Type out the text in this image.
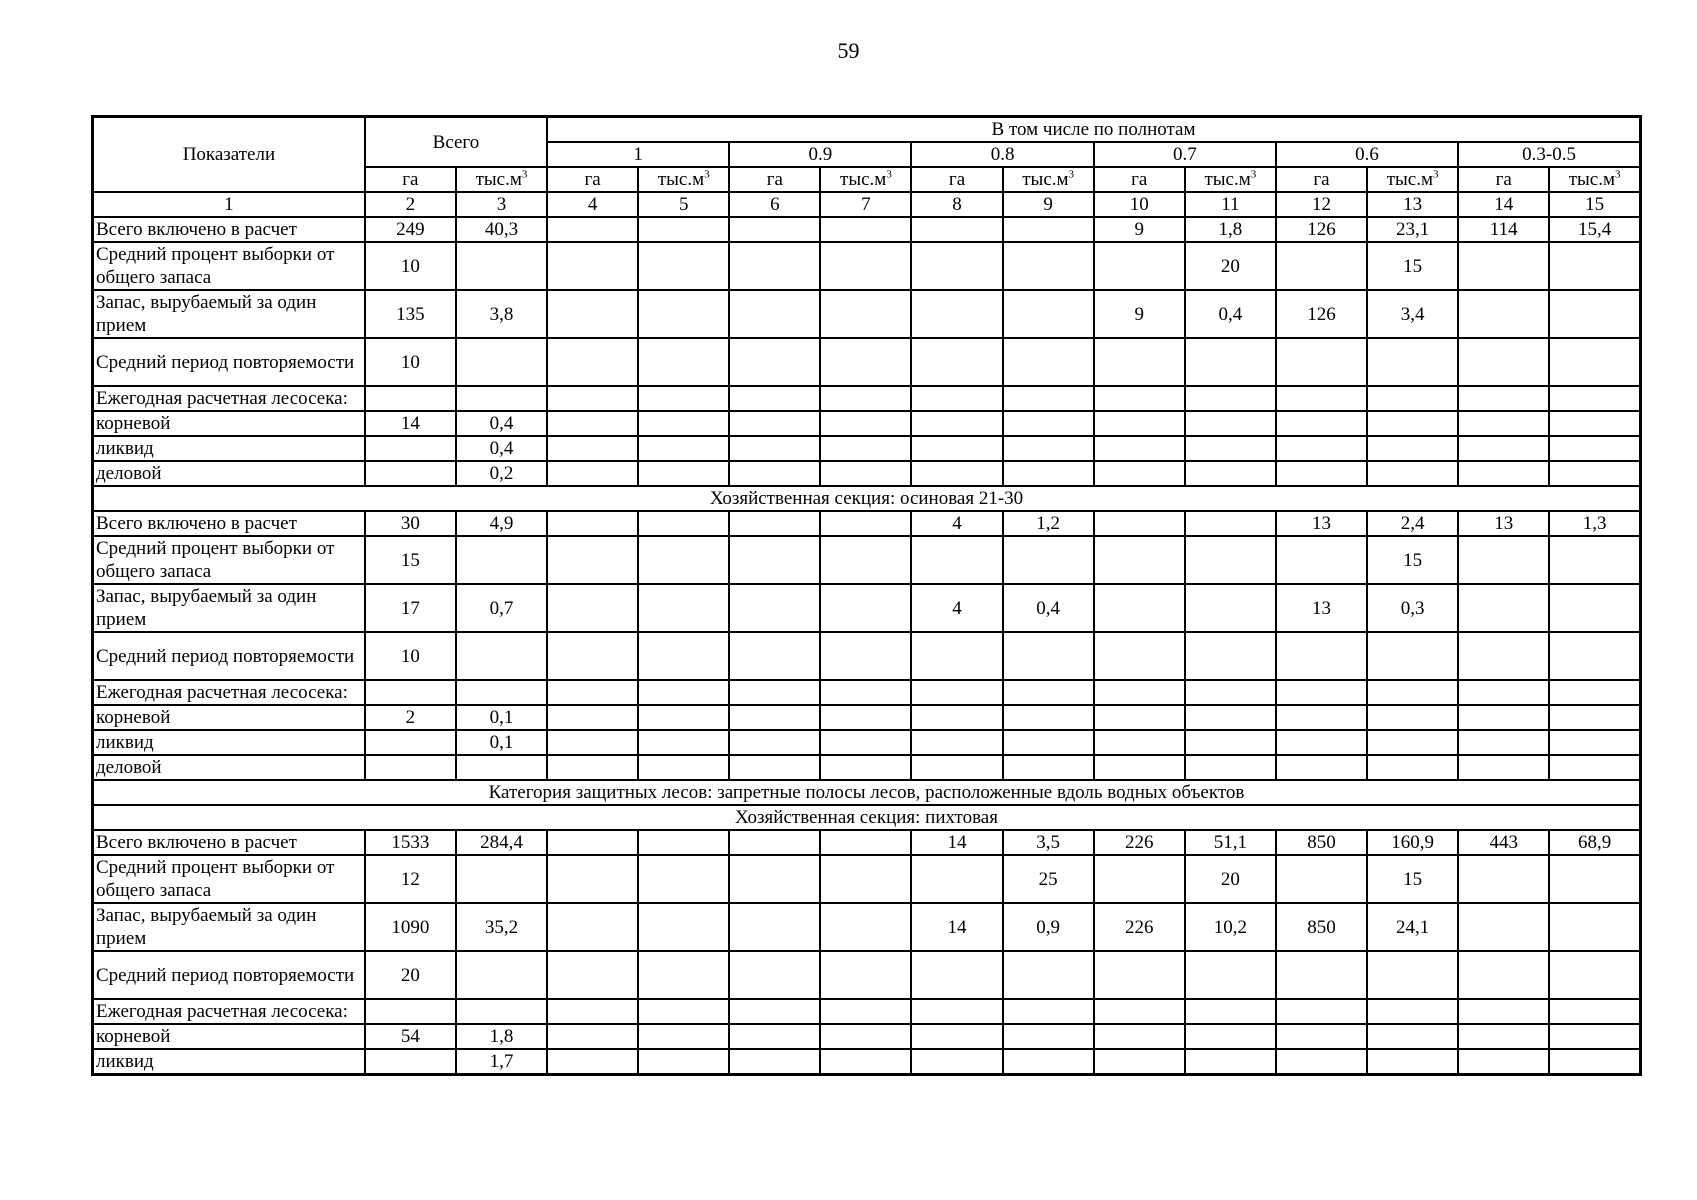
59
Показатели	Всего		В том числе по полнотам											
			1		0.9		0.8		0.7		0.6		0.3-0.5	
	га	$тыс.м^3$	га	$тыс.м^3$	га	$тыс.м^3$	га	$тыс.м^3$	га	$тыс.м^3$	га	$тыс.м^3$	га	$тыс.м^3$
1	2	3	4	5	6	7	8	9	10	11	12	13	14	15
Всего включено в расчет	249	40,3							9	1,8	126	23,1	114	15,4
Средний процент выборки от общего запаса	10									20		15		
Запас, вырубаемый за один прием	135	3,8							9	0,4	126	3,4		
Средний период повторяемости	10													
Ежегодная расчетная лесосека:														
корневой	14	0,4												
ликвид		0,4												
деловой		0,2												
Хозяйственная секция: осиновая 21-30														
Всего включено в расчет	30	4,9					4	1,2			13	2,4	13	1,3
Средний процент выборки от общего запаса	15											15		
Запас, вырубаемый за один прием	17	0,7					4	0,4			13	0,3		
Средний период повторяемости	10													
Ежегодная расчетная лесосека:														
корневой	2	0,1												
ликвид		0,1												
деловой														
Категория защитных лесов: запретные полосы лесов, расположенные вдоль водных объектов														
Хозяйственная секция: пихтовая														
Всего включено в расчет	1533	284,4					14	3,5	226	51,1	850	160,9	443	68,9
Средний процент выборки от общего запаса	12							25		20		15		
Запас, вырубаемый за один прием	1090	35,2					14	0,9	226	10,2	850	24,1		
Средний период повторяемости	20													
Ежегодная расчетная лесосека:														
корневой	54	1,8												
ликвид		1,7												
